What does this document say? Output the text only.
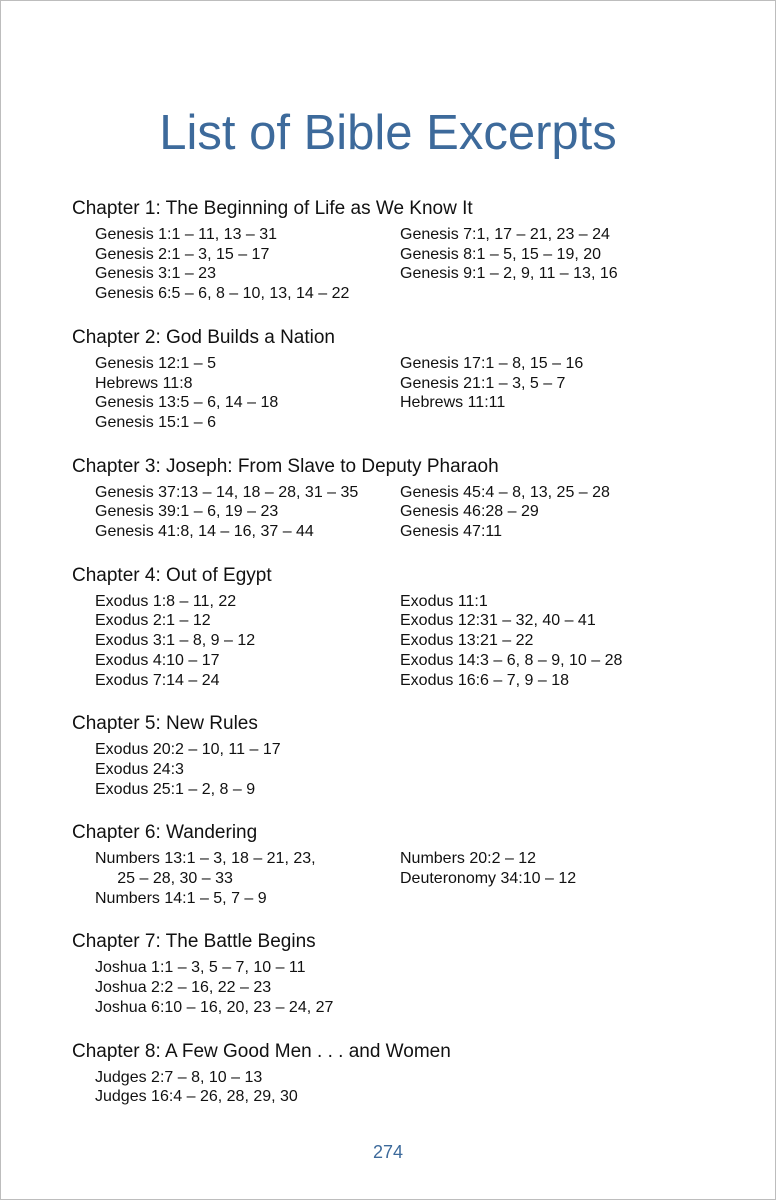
List of Bible Excerpts
Chapter 1: The Beginning of Life as We Know It
Genesis 1:1 – 11, 13 – 31
Genesis 2:1 – 3, 15 – 17
Genesis 3:1 – 23
Genesis 6:5 – 6, 8 – 10, 13, 14 – 22
Genesis 7:1, 17 – 21, 23 – 24
Genesis 8:1 – 5, 15 – 19, 20
Genesis 9:1 – 2, 9, 11 – 13, 16
Chapter 2: God Builds a Nation
Genesis 12:1 – 5
Hebrews 11:8
Genesis 13:5 – 6, 14 – 18
Genesis 15:1 – 6
Genesis 17:1 – 8, 15 – 16
Genesis 21:1 – 3, 5 – 7
Hebrews 11:11
Chapter 3: Joseph: From Slave to Deputy Pharaoh
Genesis 37:13 – 14, 18 – 28, 31 – 35
Genesis 39:1 – 6, 19 – 23
Genesis 41:8, 14 – 16, 37 – 44
Genesis 45:4 – 8, 13, 25 – 28
Genesis 46:28 – 29
Genesis 47:11
Chapter 4: Out of Egypt
Exodus 1:8 – 11, 22
Exodus 2:1 – 12
Exodus 3:1 – 8, 9 – 12
Exodus 4:10 – 17
Exodus 7:14 – 24
Exodus 11:1
Exodus 12:31 – 32, 40 – 41
Exodus 13:21 – 22
Exodus 14:3 – 6, 8 – 9, 10 – 28
Exodus 16:6 – 7, 9 – 18
Chapter 5: New Rules
Exodus 20:2 – 10, 11 – 17
Exodus 24:3
Exodus 25:1 – 2, 8 – 9
Chapter 6: Wandering
Numbers 13:1 – 3, 18 – 21, 23,
25 – 28, 30 – 33
Numbers 14:1 – 5, 7 – 9
Numbers 20:2 – 12
Deuteronomy 34:10 – 12
Chapter 7: The Battle Begins
Joshua 1:1 – 3, 5 – 7, 10 – 11
Joshua 2:2 – 16, 22 – 23
Joshua 6:10 – 16, 20, 23 – 24, 27
Chapter 8: A Few Good Men . . . and Women
Judges 2:7 – 8, 10 – 13
Judges 16:4 – 26, 28, 29, 30
274
